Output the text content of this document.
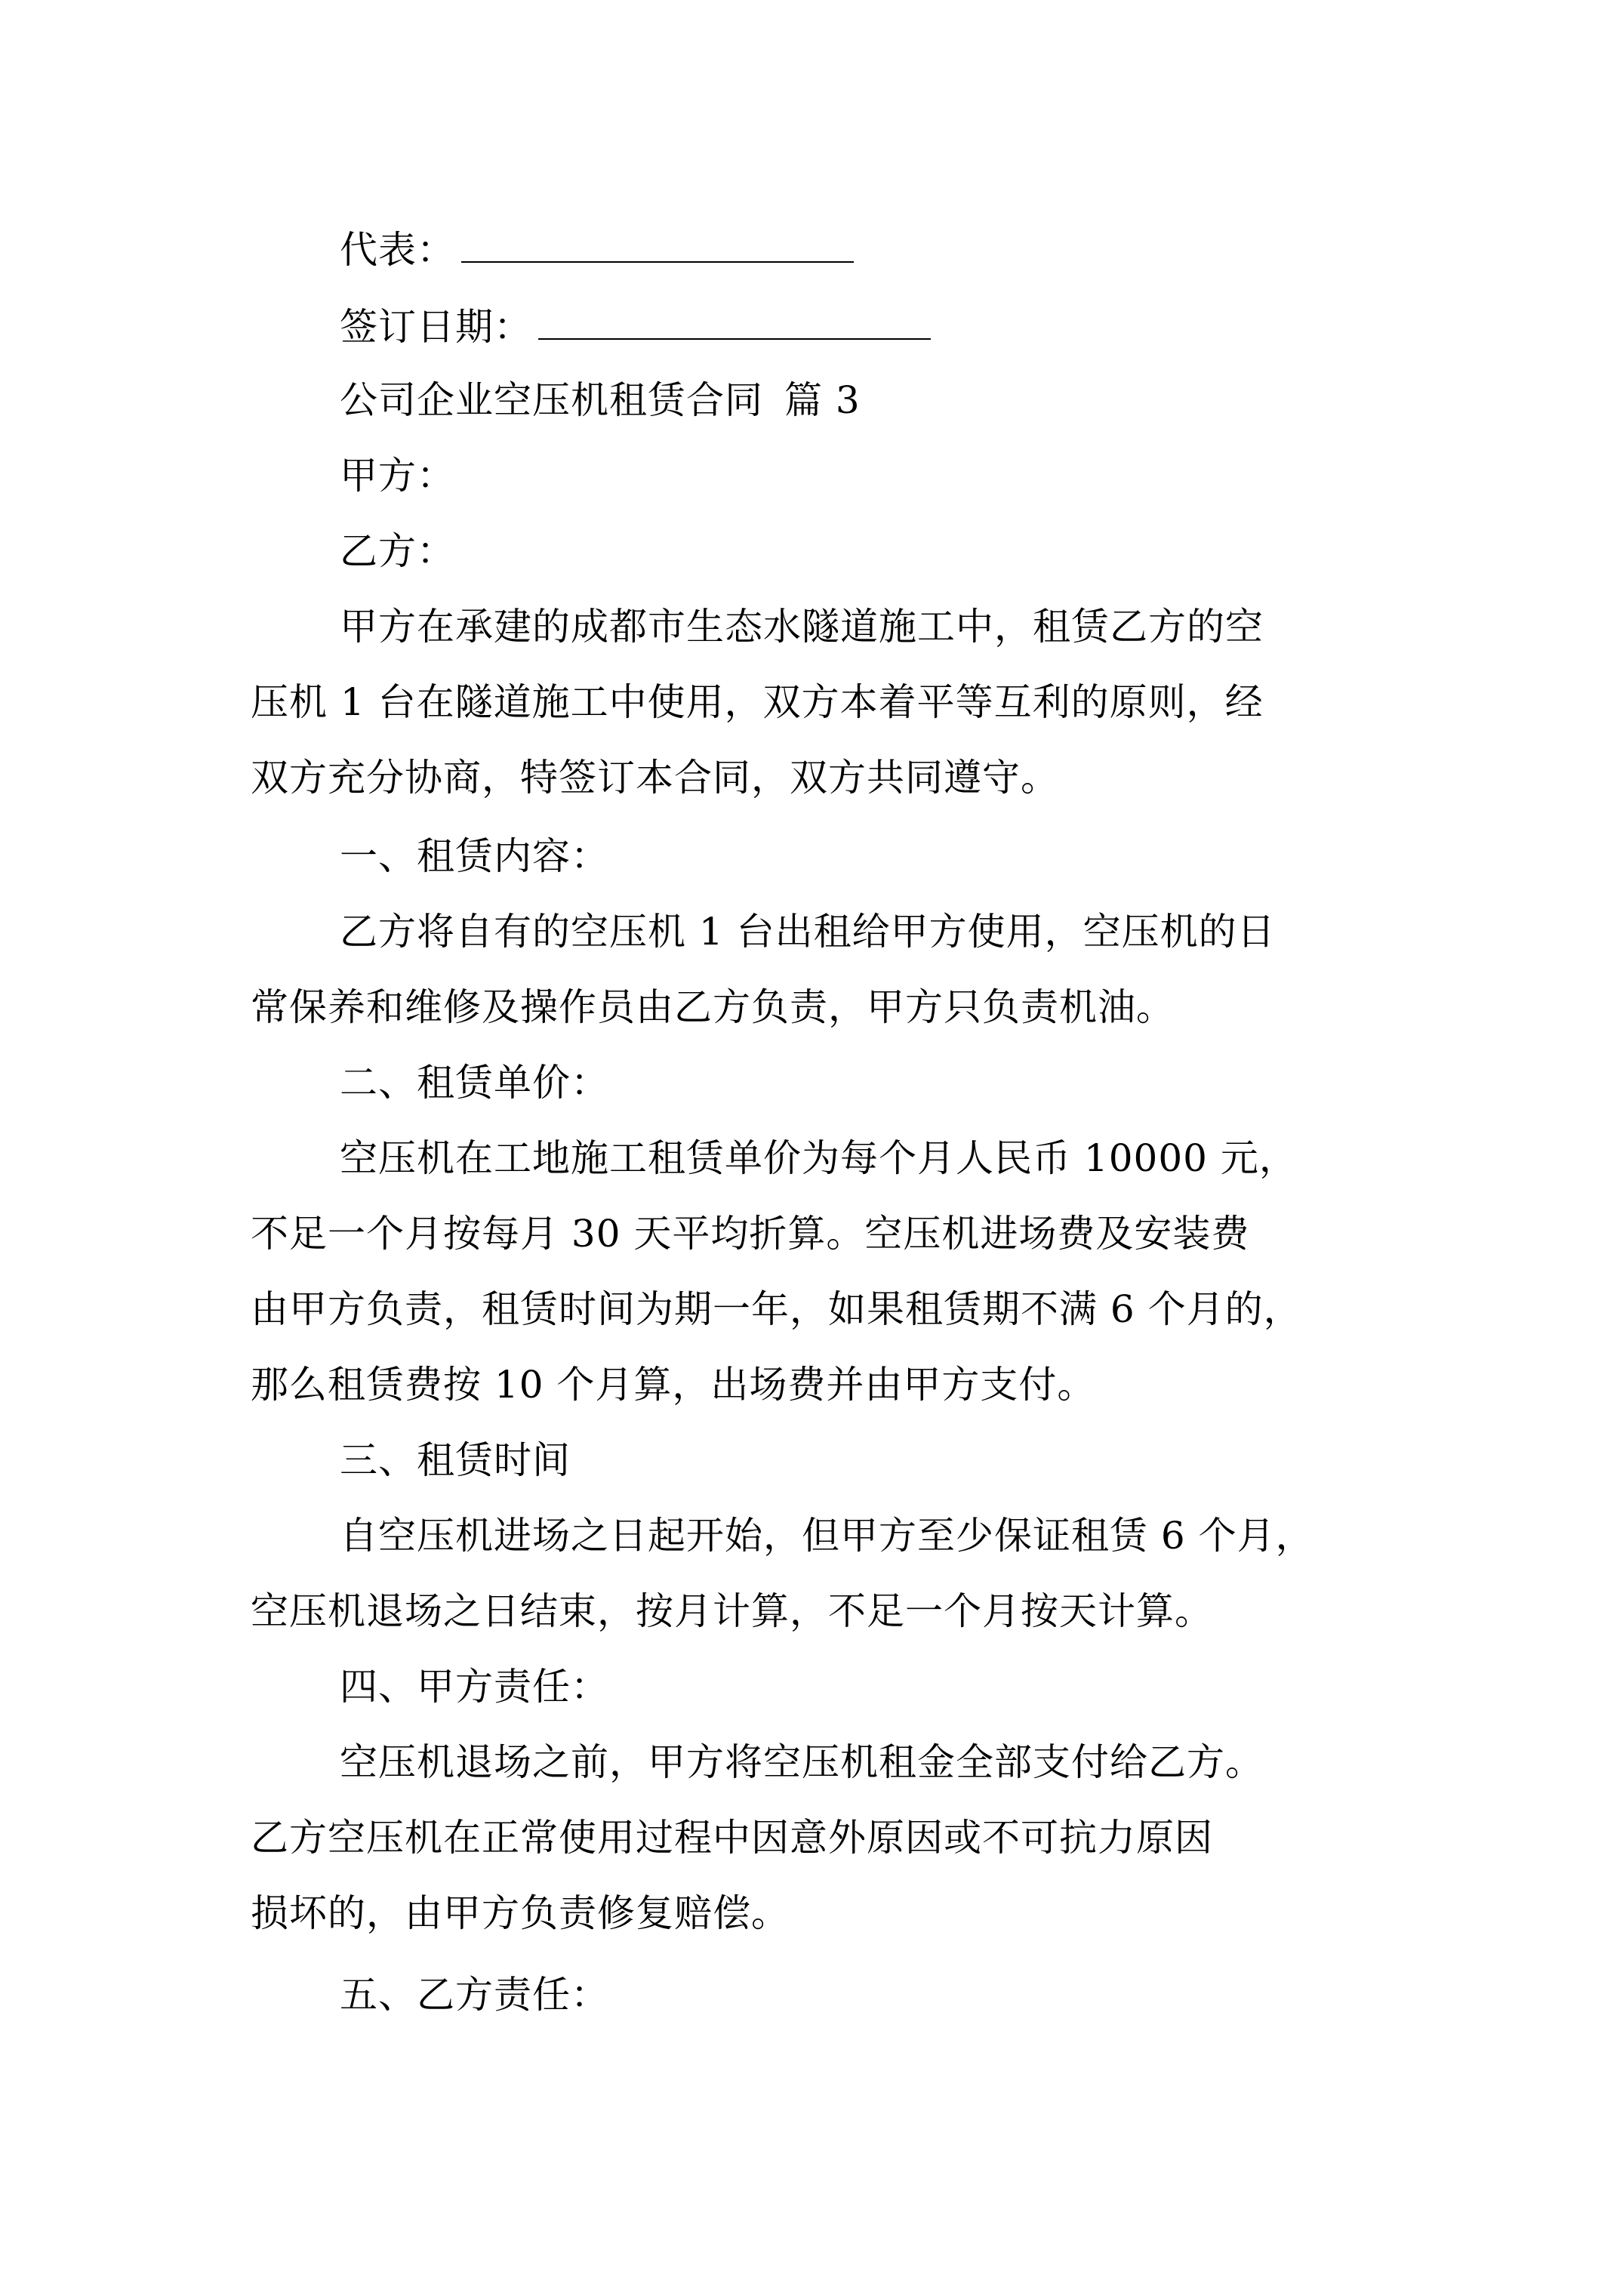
代表：
签订日期：
公司企业空压机租赁合同 篇 3
甲方：
乙方：
甲方在承建的成都市生态水隧道施工中，租赁乙方的空
压机 1 台在隧道施工中使用，双方本着平等互利的原则，经
双方充分协商，特签订本合同，双方共同遵守。
一、租赁内容：
乙方将自有的空压机 1 台出租给甲方使用，空压机的日
常保养和维修及操作员由乙方负责，甲方只负责机油。
二、租赁单价：
空压机在工地施工租赁单价为每个月人民币 10000 元，
不足一个月按每月 30 天平均折算。空压机进场费及安装费
由甲方负责，租赁时间为期一年，如果租赁期不满 6 个月的，
那么租赁费按 10 个月算，出场费并由甲方支付。
三、租赁时间
自空压机进场之日起开始，但甲方至少保证租赁 6 个月，
空压机退场之日结束，按月计算，不足一个月按天计算。
四、甲方责任：
空压机退场之前，甲方将空压机租金全部支付给乙方。
乙方空压机在正常使用过程中因意外原因或不可抗力原因
损坏的，由甲方负责修复赔偿。
五、乙方责任：
